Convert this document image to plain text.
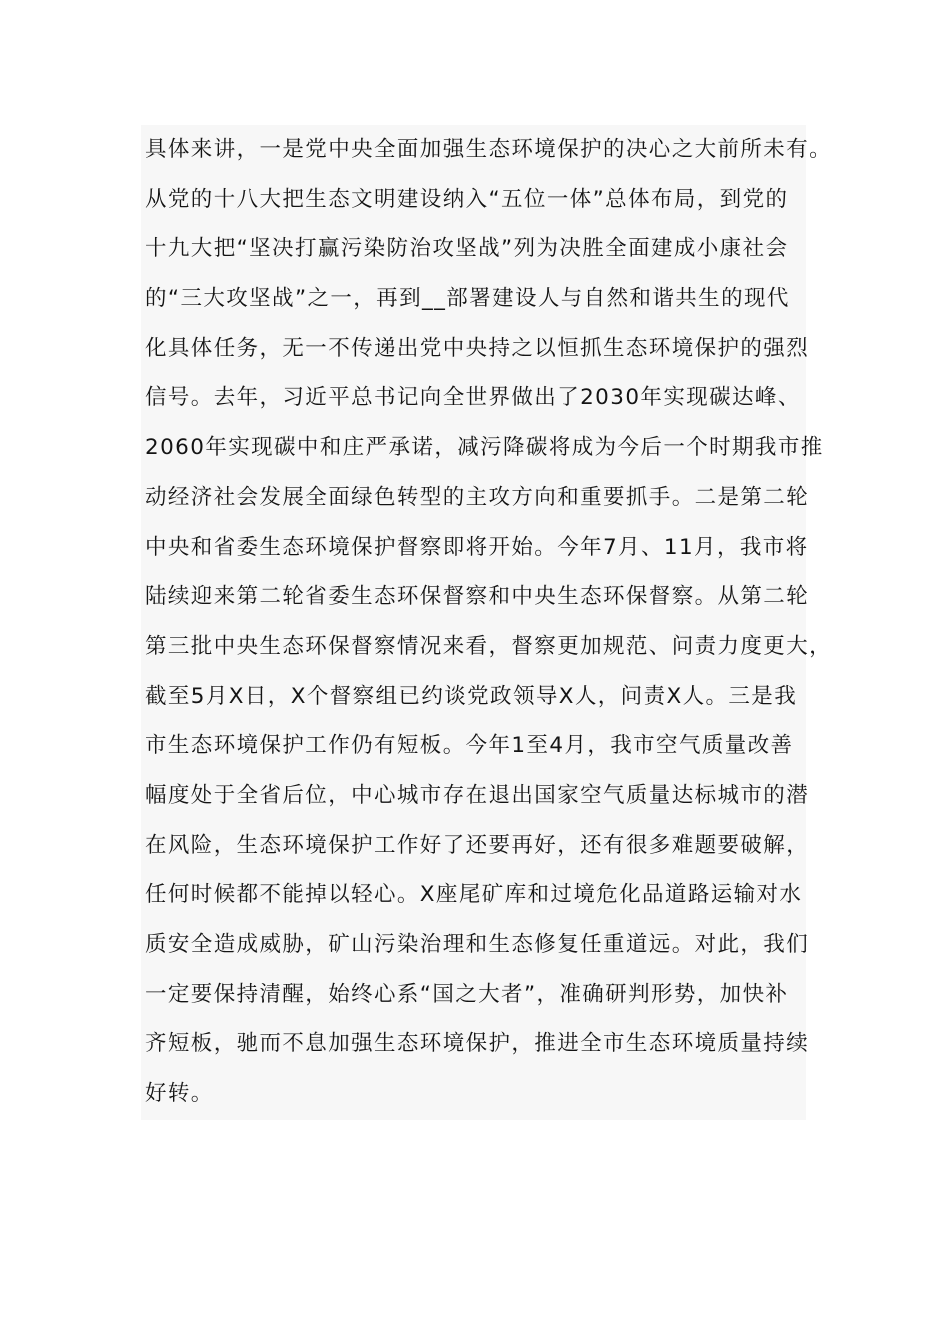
具体来讲，一是党中央全面加强生态环境保护的决心之大前所未有。
从党的十八大把生态文明建设纳入“五位一体”总体布局，到党的
十九大把“坚决打赢污染防治攻坚战”列为决胜全面建成小康社会
的“三大攻坚战”之一，再到__部署建设人与自然和谐共生的现代
化具体任务，无一不传递出党中央持之以恒抓生态环境保护的强烈
信号。去年，习近平总书记向全世界做出了2030年实现碳达峰、
2060年实现碳中和庄严承诺，减污降碳将成为今后一个时期我市推
动经济社会发展全面绿色转型的主攻方向和重要抓手。二是第二轮
中央和省委生态环境保护督察即将开始。今年7月、11月，我市将
陆续迎来第二轮省委生态环保督察和中央生态环保督察。从第二轮
第三批中央生态环保督察情况来看，督察更加规范、问责力度更大，
截至5月X日，X个督察组已约谈党政领导X人，问责X人。三是我
市生态环境保护工作仍有短板。今年1至4月，我市空气质量改善
幅度处于全省后位，中心城市存在退出国家空气质量达标城市的潜
在风险，生态环境保护工作好了还要再好，还有很多难题要破解，
任何时候都不能掉以轻心。X座尾矿库和过境危化品道路运输对水
质安全造成威胁，矿山污染治理和生态修复任重道远。对此，我们
一定要保持清醒，始终心系“国之大者”，准确研判形势，加快补
齐短板，驰而不息加强生态环境保护，推进全市生态环境质量持续
好转。
